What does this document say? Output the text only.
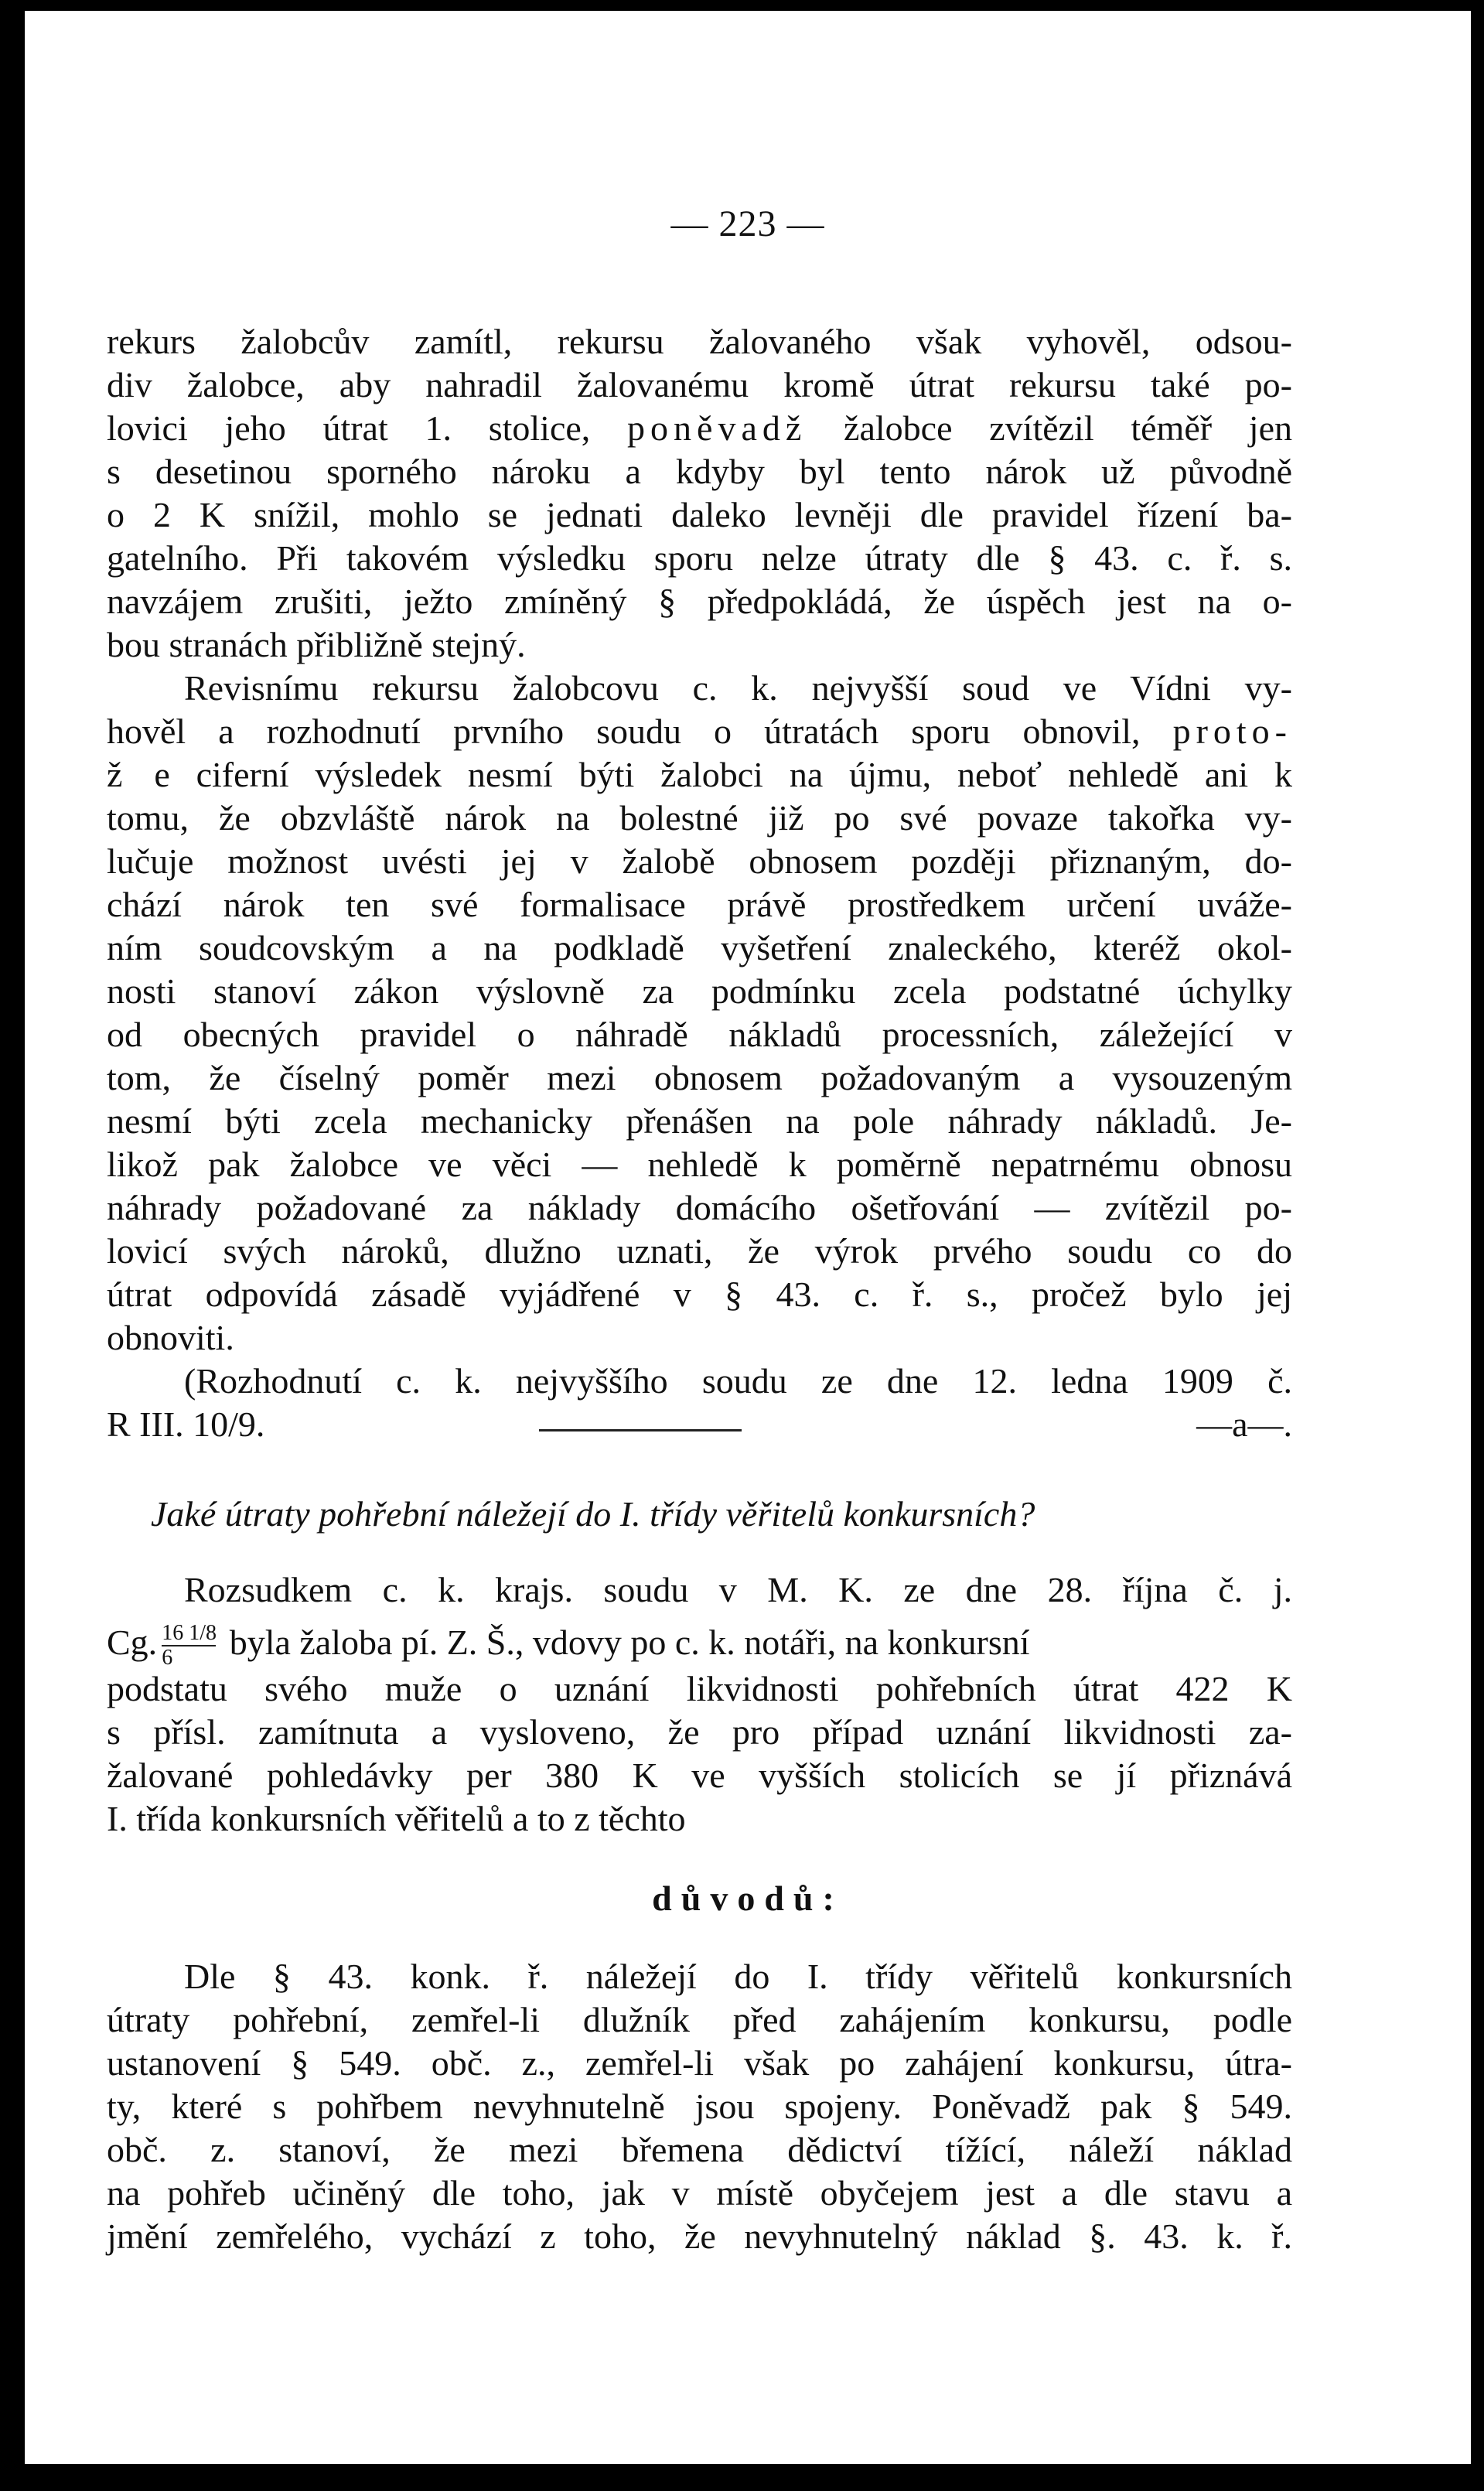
— 223 —
rekurs žalobcův zamítl, rekursu žalovaného však vyhověl, odsou-
div žalobce, aby nahradil žalovanému kromě útrat rekursu také po-
lovici jeho útrat 1. stolice, poněvadž žalobce zvítězil téměř jen
s desetinou sporného nároku a kdyby byl tento nárok už původně
o 2 K snížil, mohlo se jednati daleko levněji dle pravidel řízení ba-
gatelního. Při takovém výsledku sporu nelze útraty dle § 43. c. ř. s.
navzájem zrušiti, ježto zmíněný § předpokládá, že úspěch jest na o-
bou stranách přibližně stejný.
Revisnímu rekursu žalobcovu c. k. nejvyšší soud ve Vídni vy-
hověl a rozhodnutí prvního soudu o útratách sporu obnovil, proto-
ž e ciferní výsledek nesmí býti žalobci na újmu, neboť nehledě ani k
tomu, že obzvláště nárok na bolestné již po své povaze takořka vy-
lučuje možnost uvésti jej v žalobě obnosem později přiznaným, do-
chází nárok ten své formalisace právě prostředkem určení uváže-
ním soudcovským a na podkladě vyšetření znaleckého, kteréž okol-
nosti stanoví zákon výslovně za podmínku zcela podstatné úchylky
od obecných pravidel o náhradě nákladů processních, záležející v
tom, že číselný poměr mezi obnosem požadovaným a vysouzeným
nesmí býti zcela mechanicky přenášen na pole náhrady nákladů. Je-
likož pak žalobce ve věci — nehledě k poměrně nepatrnému obnosu
náhrady požadované za náklady domácího ošetřování — zvítězil po-
lovicí svých nároků, dlužno uznati, že výrok prvého soudu co do
útrat odpovídá zásadě vyjádřené v § 43. c. ř. s., pročež bylo jej
obnoviti.
(Rozhodnutí c. k. nejvyššího soudu ze dne 12. ledna 1909 č.
R III. 10/9.	—a—.
Jaké útraty pohřební náležejí do I. třídy věřitelů konkursních?
Rozsudkem c. k. krajs. soudu v M. K. ze dne 28. října č. j.
Cg. $\frac{16 1/8}{6}$ byla žaloba pí. Z. Š., vdovy po c. k. notáři, na konkursní
podstatu svého muže o uznání likvidnosti pohřebních útrat 422 K
s přísl. zamítnuta a vysloveno, že pro případ uznání likvidnosti za-
žalované pohledávky per 380 K ve vyšších stolicích se jí přiznává
I. třída konkursních věřitelů a to z těchto
důvodů:
Dle § 43. konk. ř. náležejí do I. třídy věřitelů konkursních
útraty pohřební, zemřel-li dlužník před zahájením konkursu, podle
ustanovení § 549. obč. z., zemřel-li však po zahájení konkursu, útra-
ty, které s pohřbem nevyhnutelně jsou spojeny. Poněvadž pak § 549.
obč. z. stanoví, že mezi břemena dědictví tížící, náleží náklad
na pohřeb učiněný dle toho, jak v místě obyčejem jest a dle stavu a
jmění zemřelého, vychází z toho, že nevyhnutelný náklad §. 43. k. ř.
